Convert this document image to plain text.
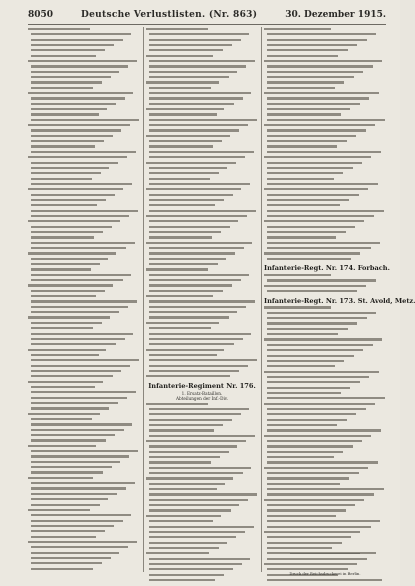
8050	Deutsche Verlustlisten. (Nr. 863)	30. Dezember 1915.
Infanterie-Regiment Nr. 176.
1. Ersatz-Bataillon.
Abteilungen der Inf.-Div.
Infanterie-Regt. Nr. 174. Forbach.
Infanterie-Regt. Nr. 173. St. Avold, Metz.
Druck der Reichsdruckerei in Berlin.
